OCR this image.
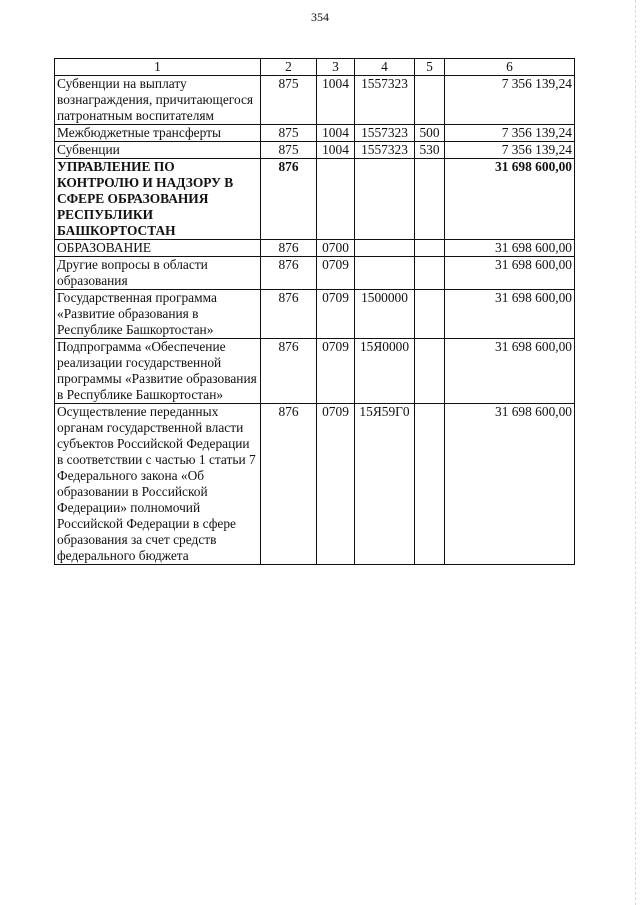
354
1	2	3	4	5	6
Субвенции на выплату вознаграждения, причитающегося патронатным воспитателям	875	1004	1557323		7 356 139,24
Межбюджетные трансферты	875	1004	1557323	500	7 356 139,24
Субвенции	875	1004	1557323	530	7 356 139,24
УПРАВЛЕНИЕ ПО КОНТРОЛЮ И НАДЗОРУ В СФЕРЕ ОБРАЗОВАНИЯ РЕСПУБЛИКИ БАШКОРТОСТАН	876				31 698 600,00
ОБРАЗОВАНИЕ	876	0700			31 698 600,00
Другие вопросы в области образования	876	0709			31 698 600,00
Государственная программа «Развитие образования в Республике Башкортостан»	876	0709	1500000		31 698 600,00
Подпрограмма «Обеспечение реализации государственной программы «Развитие образования в Республике Башкортостан»	876	0709	15Я0000		31 698 600,00
Осуществление переданных органам государственной власти субъектов Российской Федерации в соответствии с частью 1 статьи 7 Федерального закона «Об образовании в Российской Федерации» полномочий Российской Федерации в сфере образования за счет средств федерального бюджета	876	0709	15Я59Г0		31 698 600,00
